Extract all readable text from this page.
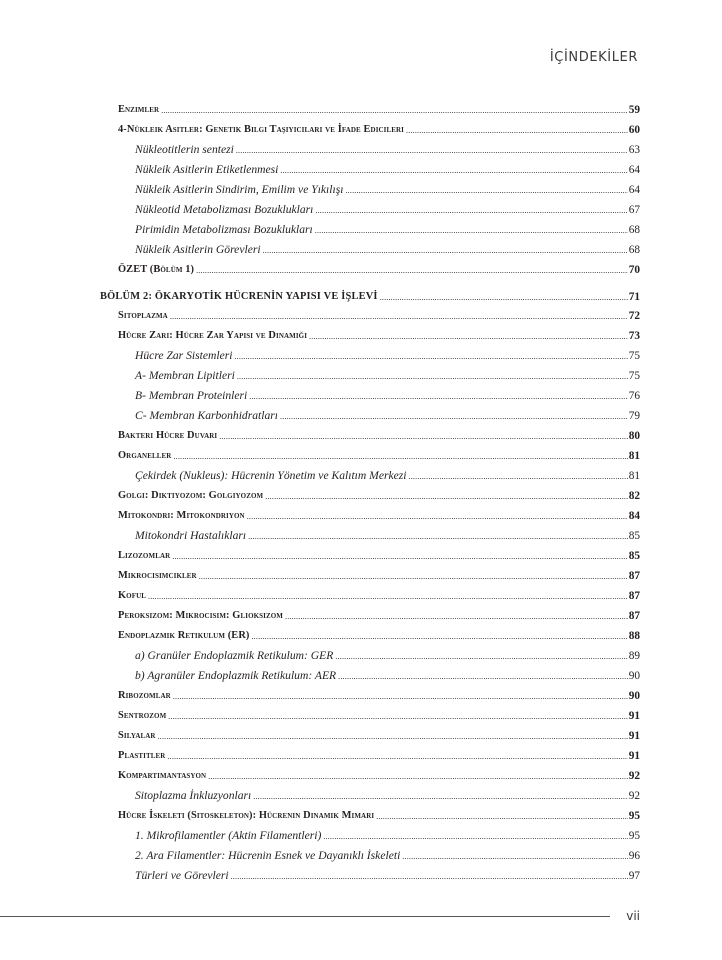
İÇİNDEKİLER
Enzimler .....	59
4-Nükleik Asitler: Genetik Bilgi Taşıyıcıları ve İfade Edicileri .....	60
Nükleotitlerin sentezi .....	63
Nükleik Asitlerin Etiketlenmesi .....	64
Nükleik Asitlerin Sindirim, Emilim ve Yıkılışı .....	64
Nükleotid Metabolizması Bozuklukları .....	67
Pirimidin Metabolizması Bozuklukları .....	68
Nükleik Asitlerin Görevleri .....	68
ÖZET (Bölüm 1) .....	70
BÖLÜM 2: ÖKARYOTİK HÜCRENİN YAPISI VE İŞLEVİ .....	71
Sitoplazma .....	72
Hücre Zarı: Hücre Zar Yapısı ve Dinamiği .....	73
Hücre Zar Sistemleri .....	75
A- Membran Lipitleri .....	75
B- Membran Proteinleri .....	76
C- Membran Karbonhidratları .....	79
Bakteri Hücre Duvarı .....	80
Organeller .....	81
Çekirdek (Nukleus): Hücrenin Yönetim ve Kalıtım Merkezi .....	81
Golgi: Diktiyozom: Golgiyozom .....	82
Mitokondri: Mitokondriyon .....	84
Mitokondri Hastalıkları .....	85
Lizozomlar .....	85
Mikrocisimcikler .....	87
Koful .....	87
Peroksizom: Mikrocisim: Glioksizom .....	87
Endoplazmik Retikulum (ER) .....	88
a) Granüler Endoplazmik Retikulum: GER .....	89
b) Agranüler Endoplazmik Retikulum: AER .....	90
Ribozomlar .....	90
Sentrozom .....	91
Silyalar .....	91
Plastitler .....	91
Kompartimantasyon .....	92
Sitoplazma İnkluzyonları .....	92
Hücre İskeleti (Sitoskeleton): Hücrenin Dinamik Mimarı .....	95
1. Mikrofilamentler (Aktin Filamentleri) .....	95
2. Ara Filamentler: Hücrenin Esnek ve Dayanıklı İskeleti .....	96
Türleri ve Görevleri .....	97
vii
